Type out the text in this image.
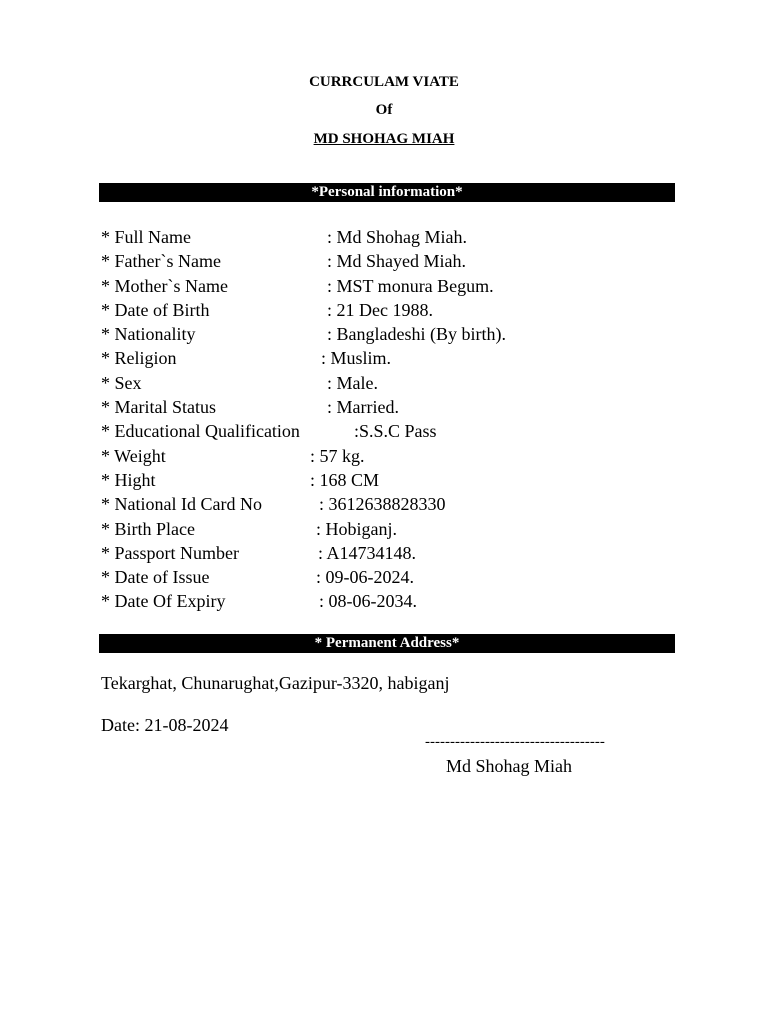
CURRCULAM VIATE
Of
MD SHOHAG MIAH
*Personal information*
* Full Name	: Md Shohag Miah.
* Father`s Name	: Md Shayed Miah.
* Mother`s Name	: MST monura Begum.
* Date of Birth	: 21 Dec 1988.
* Nationality	: Bangladeshi (By birth).
* Religion	: Muslim.
* Sex	: Male.
* Marital Status	: Married.
* Educational Qualification	:S.S.C Pass
* Weight	: 57 kg.
* Hight	: 168 CM
* National Id Card No	: 3612638828330
* Birth Place	: Hobiganj.
* Passport Number	: A14734148.
* Date of Issue	: 09-06-2024.
* Date Of Expiry	: 08-06-2034.
* Permanent Address*

Tekarghat, Chunarughat,Gazipur-3320, habiganj

Date: 21-08-2024
------------------------------------
Md Shohag Miah
